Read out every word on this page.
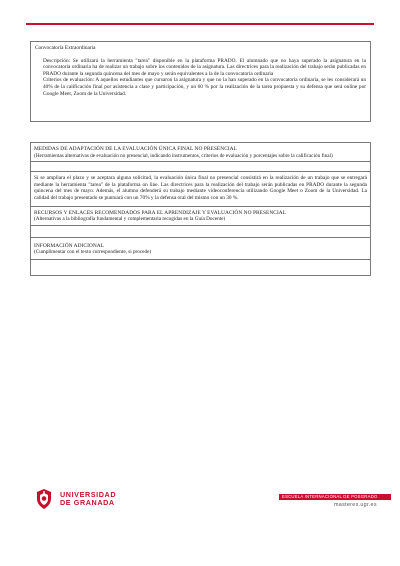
Convocatoria Extraordinaria

Descripción: Se utilizará la herramienta "tarea" disponible en la plataforma PRADO. El alumnado que no haya superado la asignatura en la convocatoria ordinaria ha de realizar un trabajo sobre los contenidos de la asignatura. Las directrices para la realización del trabajo serán publicadas en PRADO durante la segunda quincena del mes de mayo y serán equivalentes a la de la convocatoria ordinaria

Criterios de evaluación: A aquellos estudiantes que cursaron la asignatura y que no la han superado en la convocatoria ordinaria, se les considerará un 40% de la calificación final por asistencia a clase y participación, y un 60 % por la realización de la tarea propuesta y su defensa que será online por Google Meet, Zoom de la Universidad.

MEDIDAS DE ADAPTACIÓN DE LA EVALUACIÓN ÚNICA FINAL NO PRESENCIAL

(Herramientas alternativas de evaluación no presencial, indicando instrumentos, criterios de evaluación y porcentajes sobre la calificación final)

Si se ampliara el plazo y se aceptara alguna solicitud, la evaluación única final no presencial consistirá en la realización de un trabajo que se entregará mediante la herramienta "tarea" de la plataforma on line. Las directrices para la realización del trabajo serán publicadas en PRADO durante la segunda quincena del mes de mayo. Además, el alumno defenderá su trabajo mediante videoconferencia utilizando Google Meet o Zoom de la Universidad. La calidad del trabajo presentado se puntuará con un 70% y la defensa oral del mismo con un 30 %.

RECURSOS Y ENLACES RECOMENDADOS PARA EL APRENDIZAJE Y EVALUACIÓN NO PRESENCIAL

(Alternativas a la bibliografía fundamental y complementaria recogidas en la Guía Docente)

INFORMACIÓN ADICIONAL

(Cumplimentar con el texto correspondiente, si procede)

UNIVERSIDAD
DE GRANADA
ESCUELA INTERNACIONAL DE POSGRADO
masteres.ugr.es
